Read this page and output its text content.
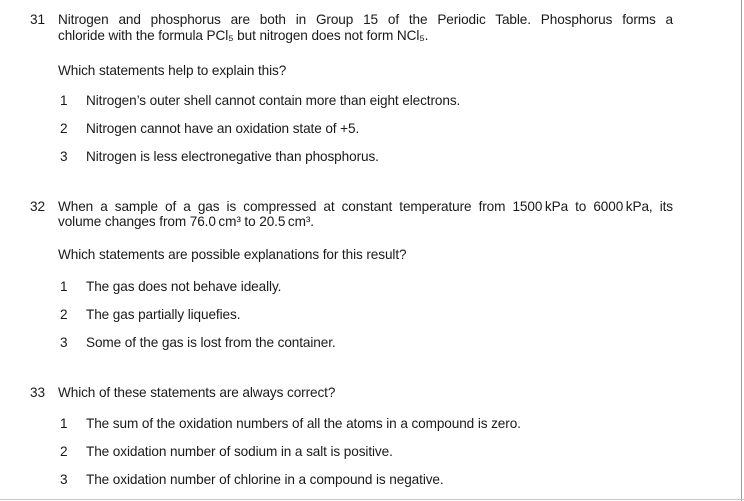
31 Nitrogen and phosphorus are both in Group 15 of the Periodic Table. Phosphorus forms a
chloride with the formula PCl₅ but nitrogen does not form NCl₅.
Which statements help to explain this?
1 Nitrogen’s outer shell cannot contain more than eight electrons.
2 Nitrogen cannot have an oxidation state of +5.
3 Nitrogen is less electronegative than phosphorus.
32 When a sample of a gas is compressed at constant temperature from 1500 kPa to 6000 kPa, its
volume changes from 76.0 cm³ to 20.5 cm³.
Which statements are possible explanations for this result?
1 The gas does not behave ideally.
2 The gas partially liquefies.
3 Some of the gas is lost from the container.
33 Which of these statements are always correct?
1 The sum of the oxidation numbers of all the atoms in a compound is zero.
2 The oxidation number of sodium in a salt is positive.
3 The oxidation number of chlorine in a compound is negative.
